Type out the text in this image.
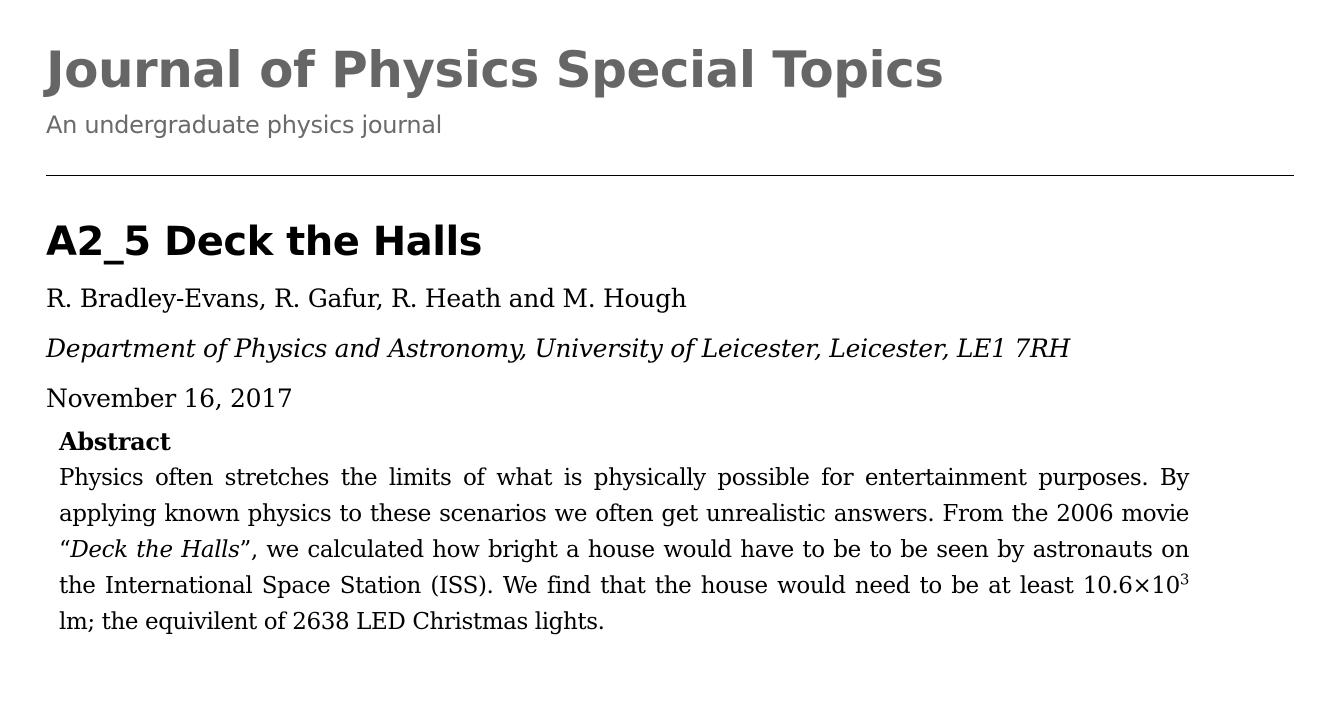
Journal of Physics Special Topics

An undergraduate physics journal

A2_5 Deck the Halls

R. Bradley-Evans, R. Gafur, R. Heath and M. Hough

Department of Physics and Astronomy, University of Leicester, Leicester, LE1 7RH

November 16, 2017

Abstract

Physics often stretches the limits of what is physically possible for entertainment purposes. By applying known physics to these scenarios we often get unrealistic answers. From the 2006 movie “Deck the Halls”, we calculated how bright a house would have to be to be seen by astronauts on the International Space Station (ISS). We find that the house would need to be at least $10.6\times 10^3$ lm; the equivilent of 2638 LED Christmas lights.
